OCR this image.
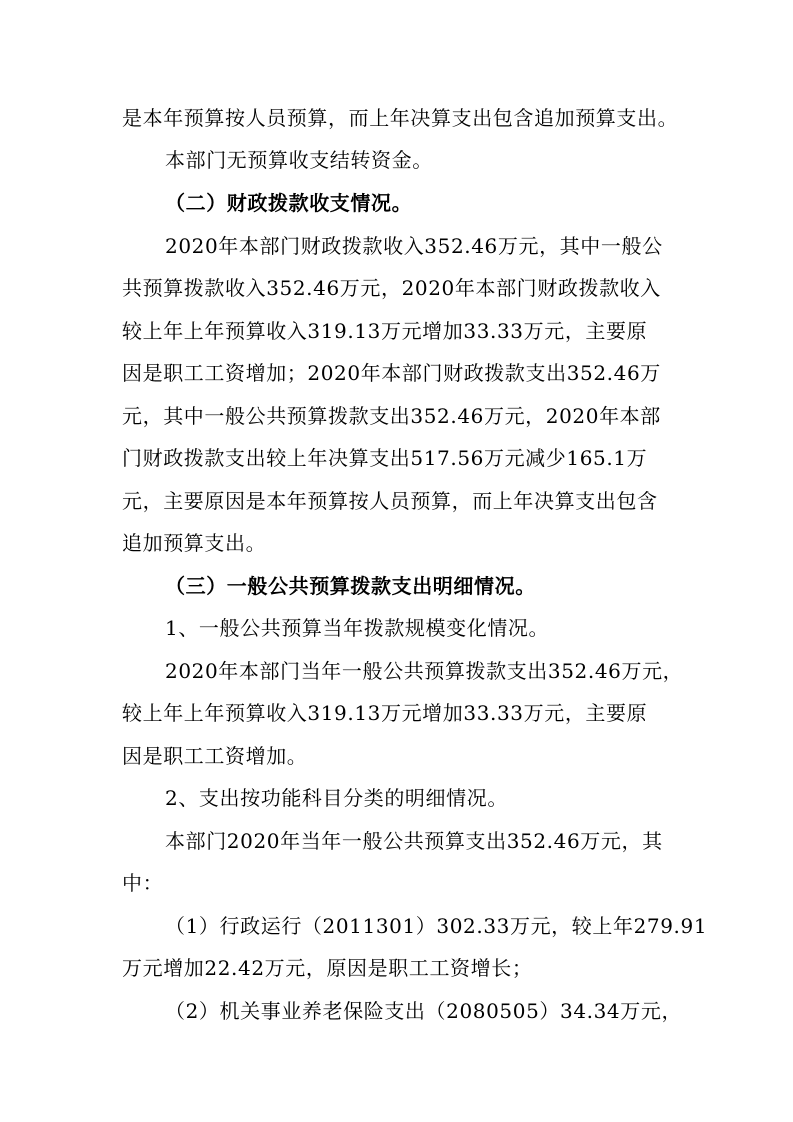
是本年预算按人员预算，而上年决算支出包含追加预算支出。
本部门无预算收支结转资金。
（二）财政拨款收支情况。
2020年本部门财政拨款收入352.46万元，其中一般公
共预算拨款收入352.46万元，2020年本部门财政拨款收入
较上年上年预算收入319.13万元增加33.33万元，主要原
因是职工工资增加；2020年本部门财政拨款支出352.46万
元，其中一般公共预算拨款支出352.46万元，2020年本部
门财政拨款支出较上年决算支出517.56万元减少165.1万
元，主要原因是本年预算按人员预算，而上年决算支出包含
追加预算支出。
（三）一般公共预算拨款支出明细情况。
1、一般公共预算当年拨款规模变化情况。
2020年本部门当年一般公共预算拨款支出352.46万元，
较上年上年预算收入319.13万元增加33.33万元，主要原
因是职工工资增加。
2、支出按功能科目分类的明细情况。
本部门2020年当年一般公共预算支出352.46万元，其
中：
（1）行政运行（2011301）302.33万元，较上年279.91
万元增加22.42万元，原因是职工工资增长；
（2）机关事业养老保险支出（2080505）34.34万元，
